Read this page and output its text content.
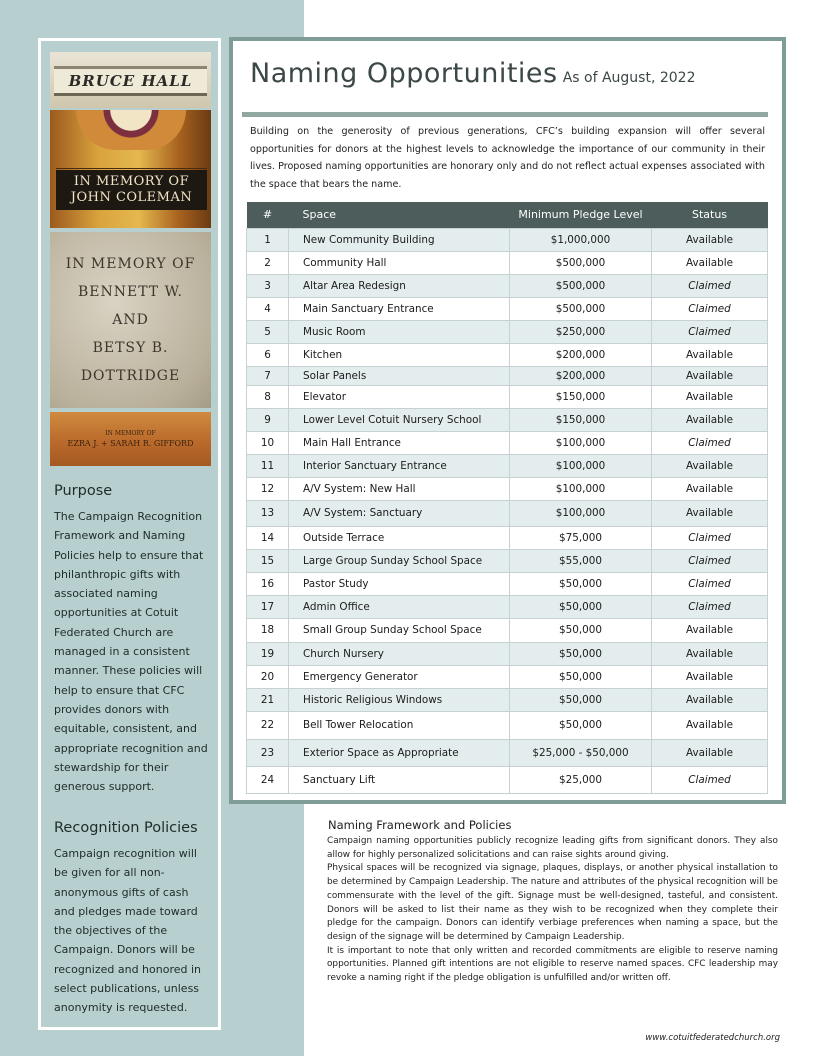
BRUCE HALL
IN MEMORY OF
JOHN COLEMAN
IN MEMORY OF
BENNETT W.
AND
BETSY B.
DOTTRIDGE
IN MEMORY OF
EZRA J. + SARAH R. GIFFORD
Purpose
The Campaign Recognition Framework and Naming Policies help to ensure that philanthropic gifts with associated naming opportunities at Cotuit Federated Church are managed in a consistent manner. These policies will help to ensure that CFC provides donors with equitable, consistent, and appropriate recognition and stewardship for their generous support.
Recognition Policies
Campaign recognition will be given for all non-anonymous gifts of cash and pledges made toward the objectives of the Campaign. Donors will be recognized and honored in select publications, unless anonymity is requested.
Naming Opportunities As of August, 2022
Building on the generosity of previous generations, CFC’s building expansion will offer several opportunities for donors at the highest levels to acknowledge the importance of our community in their lives. Proposed naming opportunities are honorary only and do not reflect actual expenses associated with the space that bears the name.
#	Space	Minimum Pledge Level	Status
1	New Community Building	$1,000,000	Available
2	Community Hall	$500,000	Available
3	Altar Area Redesign	$500,000	Claimed
4	Main Sanctuary Entrance	$500,000	Claimed
5	Music Room	$250,000	Claimed
6	Kitchen	$200,000	Available
7	Solar Panels	$200,000	Available
8	Elevator	$150,000	Available
9	Lower Level Cotuit Nursery School	$150,000	Available
10	Main Hall Entrance	$100,000	Claimed
11	Interior Sanctuary Entrance	$100,000	Available
12	A/V System: New Hall	$100,000	Available
13	A/V System: Sanctuary	$100,000	Available
14	Outside Terrace	$75,000	Claimed
15	Large Group Sunday School Space	$55,000	Claimed
16	Pastor Study	$50,000	Claimed
17	Admin Office	$50,000	Claimed
18	Small Group Sunday School Space	$50,000	Available
19	Church Nursery	$50,000	Available
20	Emergency Generator	$50,000	Available
21	Historic Religious Windows	$50,000	Available
22	Bell Tower Relocation	$50,000	Available
23	Exterior Space as Appropriate	$25,000 - $50,000	Available
24	Sanctuary Lift	$25,000	Claimed
Naming Framework and Policies

Campaign naming opportunities publicly recognize leading gifts from significant donors. They also allow for highly personalized solicitations and can raise sights around giving.

Physical spaces will be recognized via signage, plaques, displays, or another physical installation to be determined by Campaign Leadership. The nature and attributes of the physical recognition will be commensurate with the level of the gift. Signage must be well-designed, tasteful, and consistent. Donors will be asked to list their name as they wish to be recognized when they complete their pledge for the campaign. Donors can identify verbiage preferences when naming a space, but the design of the signage will be determined by Campaign Leadership.

It is important to note that only written and recorded commitments are eligible to reserve naming opportunities. Planned gift intentions are not eligible to reserve named spaces. CFC leadership may revoke a naming right if the pledge obligation is unfulfilled and/or written off.

www.cotuitfederatedchurch.org
